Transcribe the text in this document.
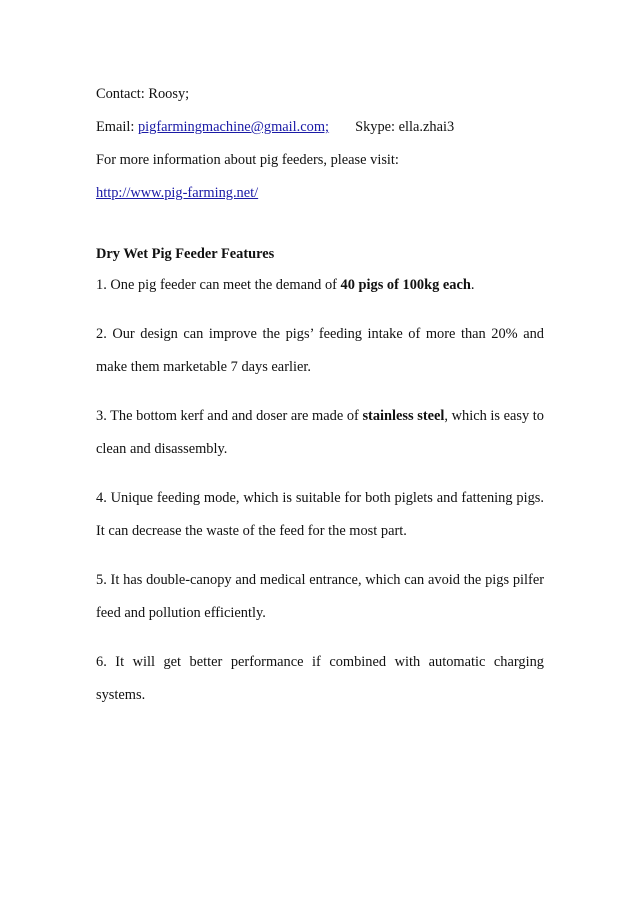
Contact: Roosy;
Email: pigfarmingmachine@gmail.com; Skype: ella.zhai3
For more information about pig feeders, please visit:
http://www.pig-farming.net/
Dry Wet Pig Feeder Features
1. One pig feeder can meet the demand of 40 pigs of 100kg each.
2. Our design can improve the pigs’ feeding intake of more than 20% and make them marketable 7 days earlier.
3. The bottom kerf and and doser are made of stainless steel, which is easy to clean and disassembly.
4. Unique feeding mode, which is suitable for both piglets and fattening pigs. It can decrease the waste of the feed for the most part.
5. It has double-canopy and medical entrance, which can avoid the pigs pilfer feed and pollution efficiently.
6. It will get better performance if combined with automatic charging systems.
